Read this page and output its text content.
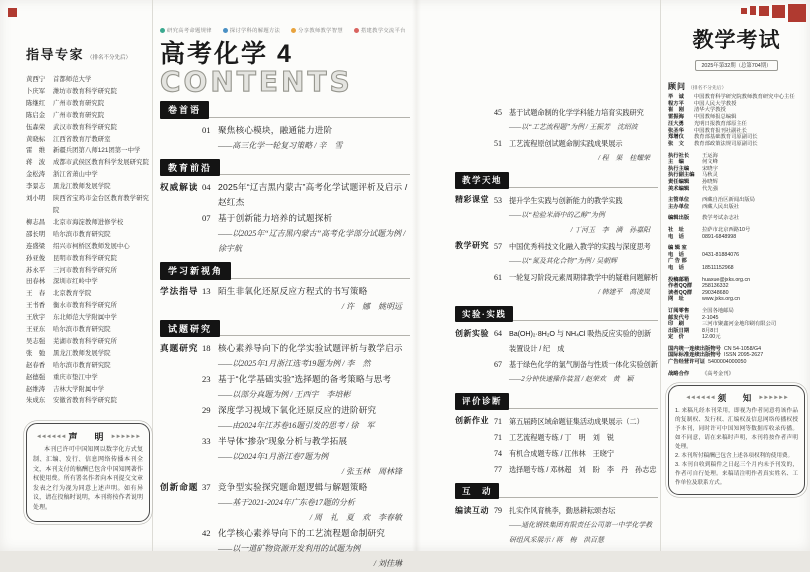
指导专家 （排名不分先后）
黄西宁	首都师范大学
卜庆军	潍坊市教育科学研究院
陈继红	广州市教育研究院
陈启金	广州市教育研究院
伍森荣	武汉市教育科学研究院
黄晓标	江西省教育厅教研室
雷　维	新疆兵团第八师121团第一中学
蒋　波	成都市武侯区教育科学发展研究院
金松涛	浙江省萧山中学
李景志	黑龙江教师发展学院
刘小明	陕西省宝鸡市金台区教育教学研究院
柳志昌	北京市海淀教师进修学校
邵长明	哈尔滨市教育研究院
连盛梁	绍兴市柯桥区教师发展中心
孙亚俊	昆明市教育科学研究院
苏永平	三河市教育科学研究所
田春林	深圳市红岭中学
王　春	北京教育学院
王书香	衡水市教育科学研究所
王欣宇	东北师范大学附属中学
王亚东	哈尔滨市教育研究院
吴志强	芜湖市教育科学研究所
张　弛	黑龙江教师发展学院
赵春香	哈尔滨市教育研究院
赵德强	重庆市垫江中学
赵维涛	吉林大学附属中学
朱成东	安徽省教育科学研究院
◄◄◄◄◄◄ 声　明 ►►►►►►
本刊已许可中国知网以数字化方式复制、汇编、发行、信息网络传播本刊全文，本刊支付的稿酬已包含中国知网著作权使用费。所有署名作者向本刊提交文章发表之行为视为同意上述声明。如有异议，请在投稿时说明，本刊将按作者说明处理。
研究高考命题规律	探讨学科的解题方法	分享教师教学智慧	搭建教学交流平台
高考化学 4
CONTENTS
卷首语
01 聚焦核心模块，融通能力进阶
——高三化学一轮复习策略 / 辛　雪
教育前沿
权威解读 04 2025年“辽吉黑内蒙古”高考化学试题评析及启示 / 赵红杰
07 基于创新能力培养的试题探析
——以2025年“辽吉黑内蒙古”高考化学部分试题为例 / 徐宇航
学习新视角
学法指导 13 陌生非氧化还原反应方程式的书写策略
/ 许　娜　姚明远
试题研究
真题研究 18 核心素养导向下的化学实验试题评析与教学启示
——以2025年1月浙江选考19题为例 / 李　然
23 基于“化学基础实验”选择题的备考策略与思考
——以部分真题为例 / 王西宇　李培彬
29 深度学习视域下氧化还原反应的进阶研究
——由2024年江苏卷16题引发的思考 / 徐　军
33 半导体“掺杂”现象分析与教学拓展
——以2024年1月浙江卷7题为例
/ 张玉林　周林锋
创新命题 37 竞争型实验探究题命题逻辑与解题策略
——基于2021-2024年广东卷17题的分析
/ 周　礼　夏　欢　李春敏
42 化学核心素养导向下的工艺流程题命制研究
——以一道矿物资源开发利用的试题为例
/ 刘佳琳
45 基于试题命制的化学学科能力培育实践研究
——以“工艺流程题”为例 / 王振芳　沈绍波
51 工艺流程原创试题命制实践成果展示
/ 程　果　桂耀荣
教学天地
精彩课堂 53 提升学生实践与创新能力的教学实践
——以“检验米酒中的乙醇”为例
/ 丁河玉　李　满　孙嘉阳
教学研究 57 中国优秀科技文化融入教学的实践与深度思考
——以“氮及其化合物”为例 / 吴朝辉
61 一轮复习阶段元素周期律教学中的疑难问题解析
/ 韩建平　高凌岚
实验·实践
创新实验 64 Ba(OH)₂·8H₂O 与 NH₄Cl 吸热反应实验的创新装置设计 / 纪　成
67 基于绿色化学的氯气制备与性质一体化实验创新
——2分钟快速操作装置 / 赵荣欢　黄　颖
评价诊断
创新作业 71 第五届跨区域命题征集活动成果展示（二）
71 工艺流程题专练 / 丁　明　刘　锐
74 有机合成题专练 / 江伟林　王晓宁
77 选择题专练 / 邓林超　刘　盼　李　丹　孙志忠
互　动
编读互动 79 扎实作风育桃李，勤恳耕耘颂杏坛
——通化钢铁集团有限责任公司第一中学化学教研组风采展示 / 蒋　梅　洪百慧
教学考试
2025年第32期（总第704期）
顾问 （排名不分先后）
毕　诚	中国教育科学研究院教师教育研究中心主任
程方平	中国人民大学教授
崔　刚	清华大学教授
雷振海	中国教师报总编辑
汪大勇	光明日报教育部原主任
张圣华	中国教育报刊社副社长
郑增仪	教育部基础教育司原副司长
张　文	教育部政策法规司原副司长
执行社长	王运海
主　编	何文峰
执行主编	宋晓宇
执行副主编	马秋灵
责任编辑	孙晓辉
美术编辑	代先强
主管单位	西藏自治区新闻出版局
主办单位	西藏人民出版社
编辑出版	教学考试杂志社
社　址	拉萨市北京西路10号
电　话	0891-6848998
编 辑 室
电　话	0431-81884076
广 告 部
电　话	18511152968
投稿邮箱	huaxue@jxks.org.cn
作者QQ群	258136332
读者QQ群	290348680
网　址	www.jxks.org.cn
订阅零售	全国各地邮局
邮发代号	2-1045
印　刷	三河市聚鑫河金地印刷有限公司
出版日期	8月8日
定　价	12.00元
国内统一连续出版物号 CN 54-1058/G4
国际标准连续出版物号 ISSN 2095-2627
广告经营许可证 5400004000050
战略合作	《高考金刊》
◄◄◄◄◄◄ 须　知 ►►►►►►
1. 来稿凡经本刊采用，即视为作者同意将该作品的复制权、发行权、汇编权及信息网络传播权授予本刊，同时许可中国知网等数据库收录传播。如不同意，请在来稿时声明，本刊将按作者声明处理。
2. 本刊所付稿酬已包含上述各项权利的使用费。
3. 本刊自收到稿件之日起三个月内未予刊发的，作者可自行处理。来稿请注明作者真实姓名、工作单位及联系方式。
